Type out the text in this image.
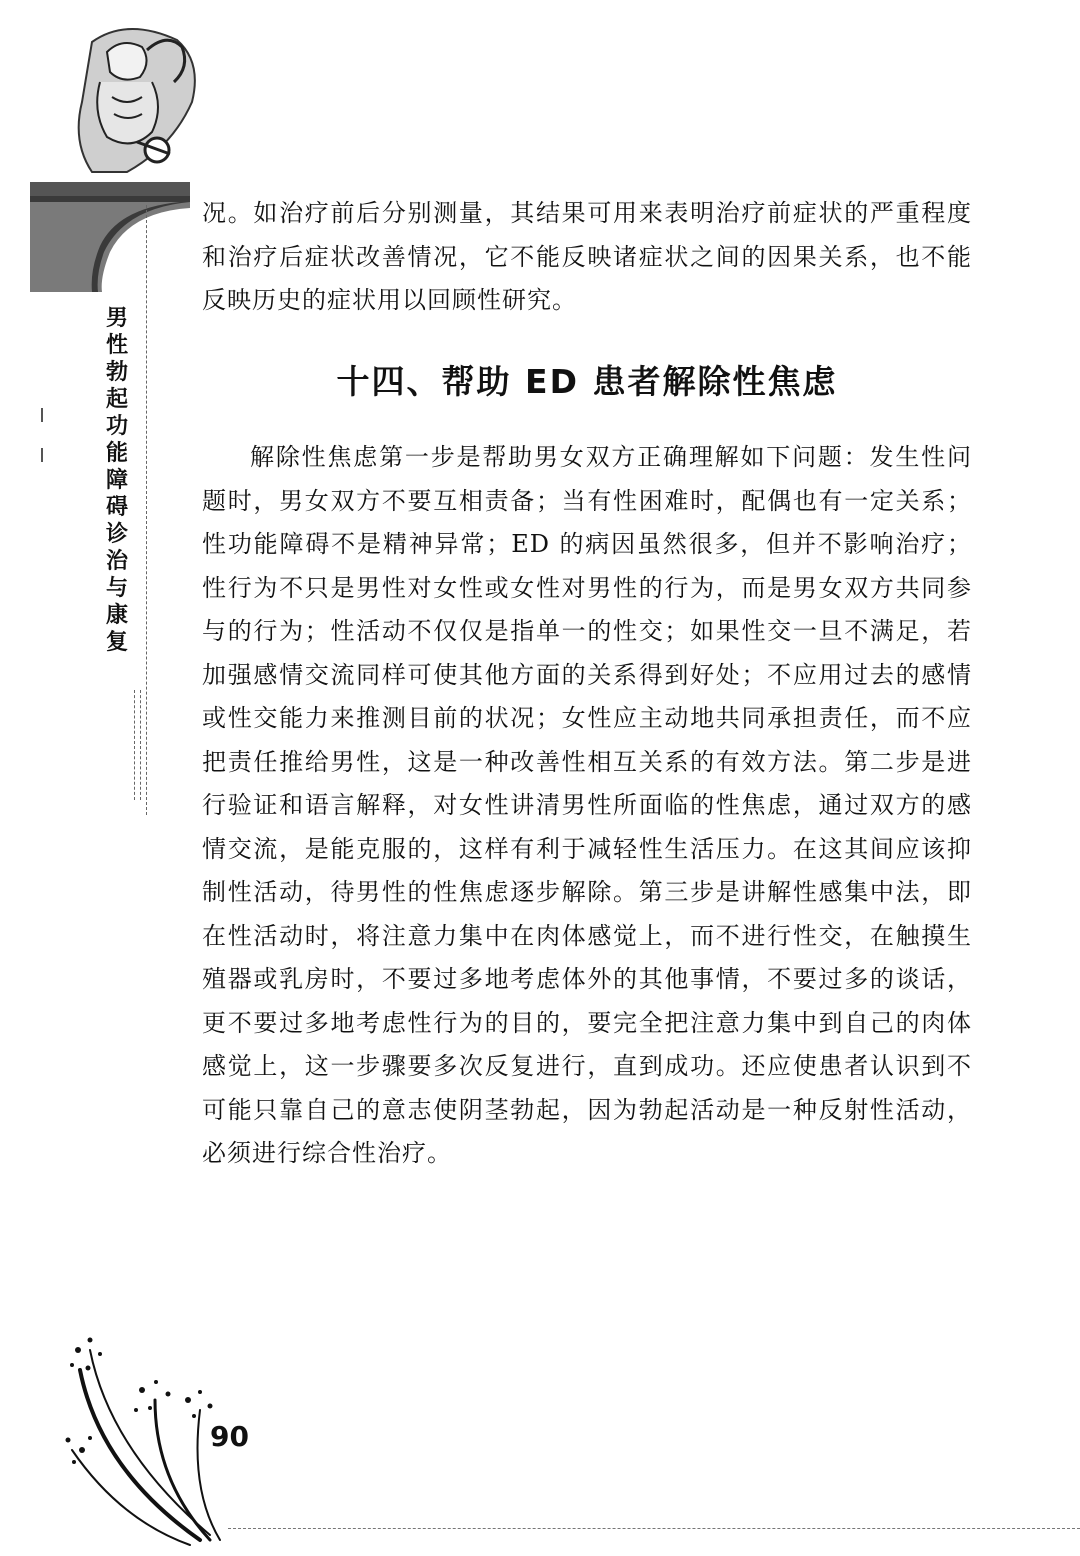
男
性
勃
起
功
能
障
碍
诊
治
与
康
复

况。如治疗前后分别测量，其结果可用来表明治疗前症状的严重程度和治疗后症状改善情况，它不能反映诸症状之间的因果关系，也不能反映历史的症状用以回顾性研究。

十四、帮助 ED 患者解除性焦虑

解除性焦虑第一步是帮助男女双方正确理解如下问题：发生性问题时，男女双方不要互相责备；当有性困难时，配偶也有一定关系；性功能障碍不是精神异常；ED 的病因虽然很多，但并不影响治疗；性行为不只是男性对女性或女性对男性的行为，而是男女双方共同参与的行为；性活动不仅仅是指单一的性交；如果性交一旦不满足，若加强感情交流同样可使其他方面的关系得到好处；不应用过去的感情或性交能力来推测目前的状况；女性应主动地共同承担责任，而不应把责任推给男性，这是一种改善性相互关系的有效方法。第二步是进行验证和语言解释，对女性讲清男性所面临的性焦虑，通过双方的感情交流，是能克服的，这样有利于减轻性生活压力。在这其间应该抑制性活动，待男性的性焦虑逐步解除。第三步是讲解性感集中法，即在性活动时，将注意力集中在肉体感觉上，而不进行性交，在触摸生殖器或乳房时，不要过多地考虑体外的其他事情，不要过多的谈话，更不要过多地考虑性行为的目的，要完全把注意力集中到自己的肉体感觉上，这一步骤要多次反复进行，直到成功。还应使患者认识到不可能只靠自己的意志使阴茎勃起，因为勃起活动是一种反射性活动，必须进行综合性治疗。

90
